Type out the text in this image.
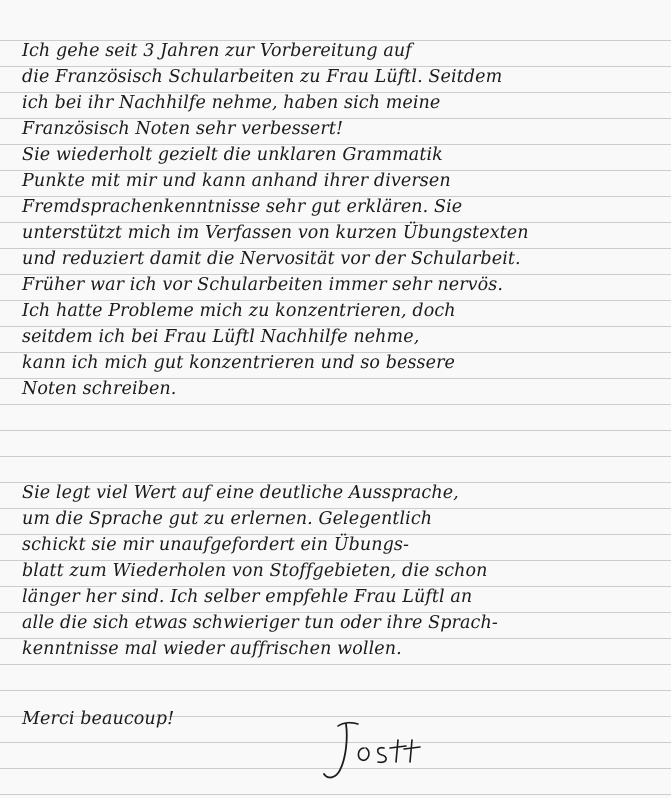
Ich gehe seit 3 Jahren zur Vorbereitung auf
die Französisch Schularbeiten zu Frau Lüftl. Seitdem
ich bei ihr Nachhilfe nehme, haben sich meine
Französisch Noten sehr verbessert!
Sie wiederholt gezielt die unklaren Grammatik
Punkte mit mir und kann anhand ihrer diversen
Fremdsprachenkenntnisse sehr gut erklären. Sie
unterstützt mich im Verfassen von kurzen Übungstexten
und reduziert damit die Nervosität vor der Schularbeit.
Früher war ich vor Schularbeiten immer sehr nervös.
Ich hatte Probleme mich zu konzentrieren, doch
seitdem ich bei Frau Lüftl Nachhilfe nehme,
kann ich mich gut konzentrieren und so bessere
Noten schreiben.
Sie legt viel Wert auf eine deutliche Aussprache,
um die Sprache gut zu erlernen. Gelegentlich
schickt sie mir unaufgefordert ein Übungs-
blatt zum Wiederholen von Stoffgebieten, die schon
länger her sind. Ich selber empfehle Frau Lüftl an
alle die sich etwas schwieriger tun oder ihre Sprach-
kenntnisse mal wieder auffrischen wollen.
Merci beaucoup!
